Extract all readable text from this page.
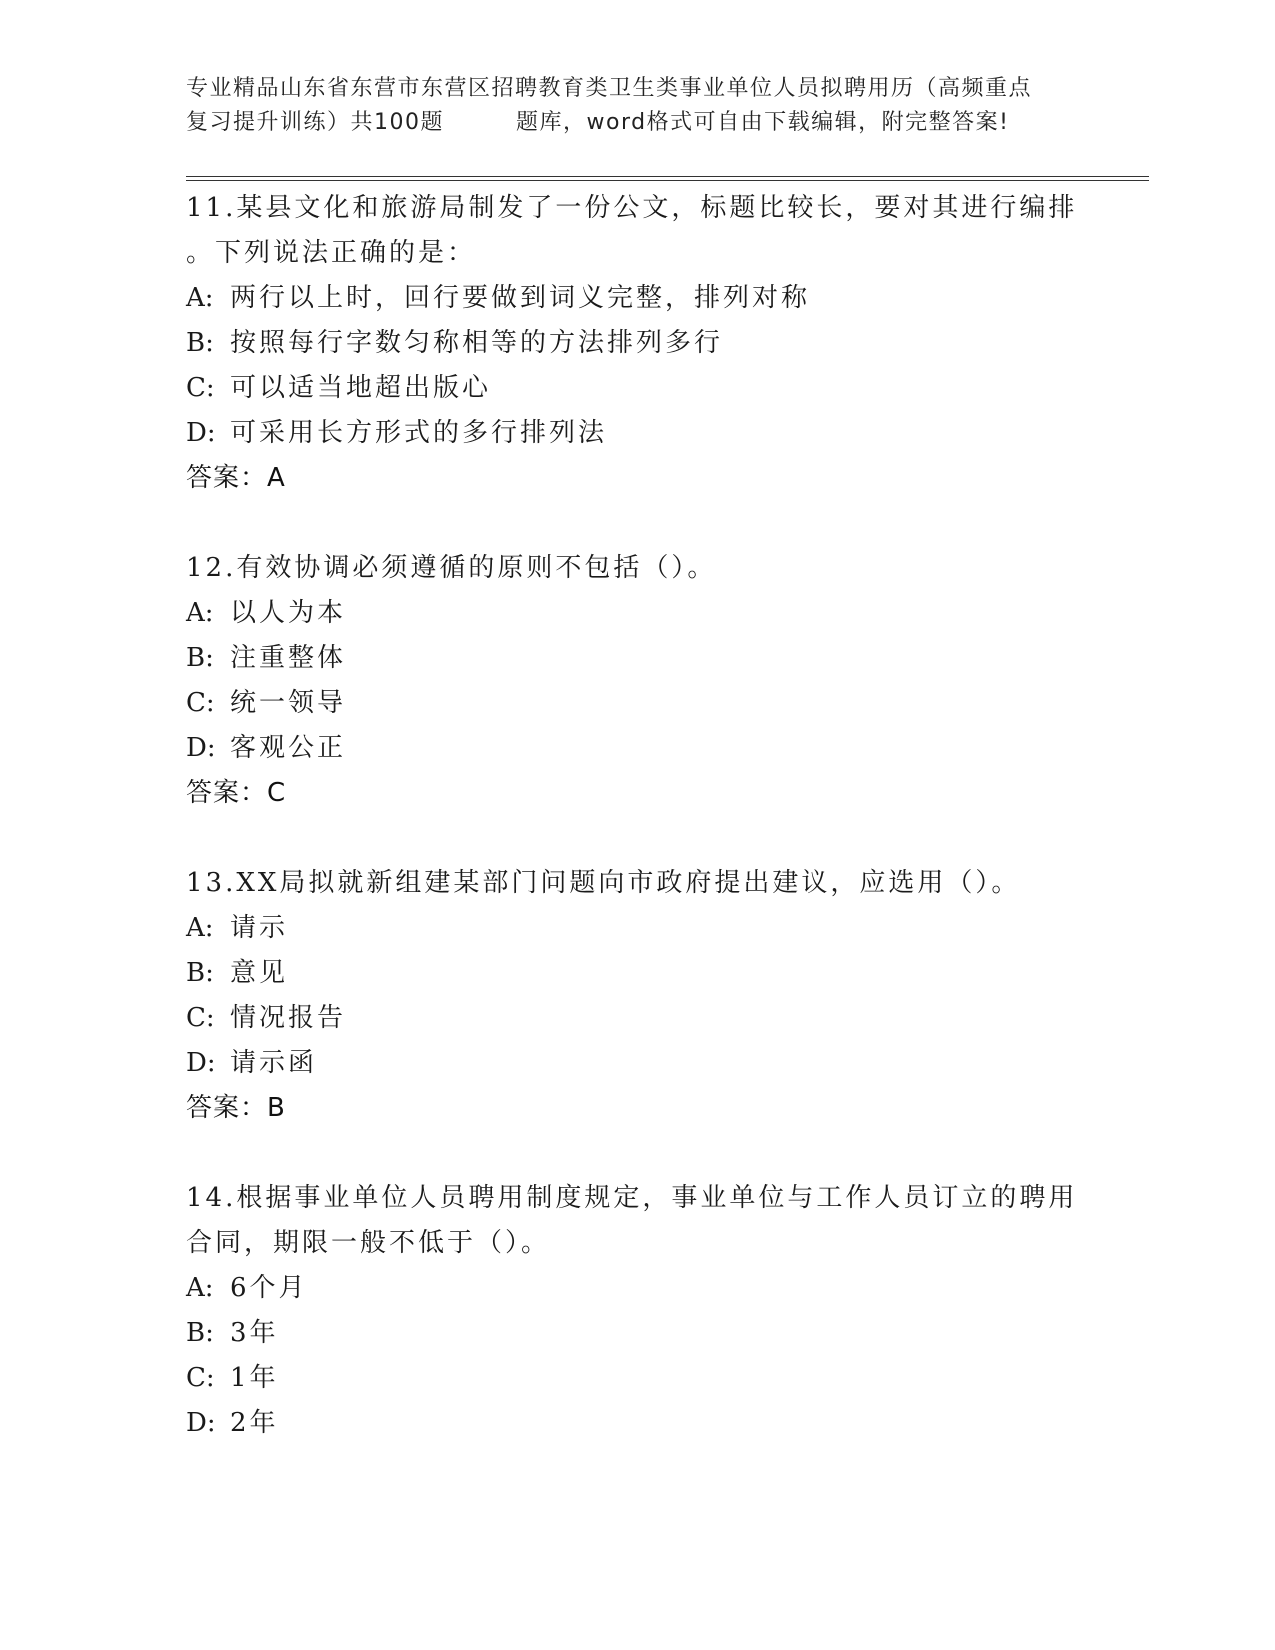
专业精品山东省东营市东营区招聘教育类卫生类事业单位人员拟聘用历（高频重点
复习提升训练）共100题	题库，word格式可自由下载编辑，附完整答案!
11.某县文化和旅游局制发了一份公文，标题比较长，要对其进行编排
。下列说法正确的是：
A: 两行以上时，回行要做到词义完整，排列对称
B: 按照每行字数匀称相等的方法排列多行
C: 可以适当地超出版心
D: 可采用长方形式的多行排列法
答案：A
12.有效协调必须遵循的原则不包括（）。
A: 以人为本
B: 注重整体
C: 统一领导
D: 客观公正
答案：C
13.XX局拟就新组建某部门问题向市政府提出建议，应选用（）。
A: 请示
B: 意见
C: 情况报告
D: 请示函
答案：B
14.根据事业单位人员聘用制度规定，事业单位与工作人员订立的聘用
合同，期限一般不低于（）。
A: 6个月
B: 3年
C: 1年
D: 2年
